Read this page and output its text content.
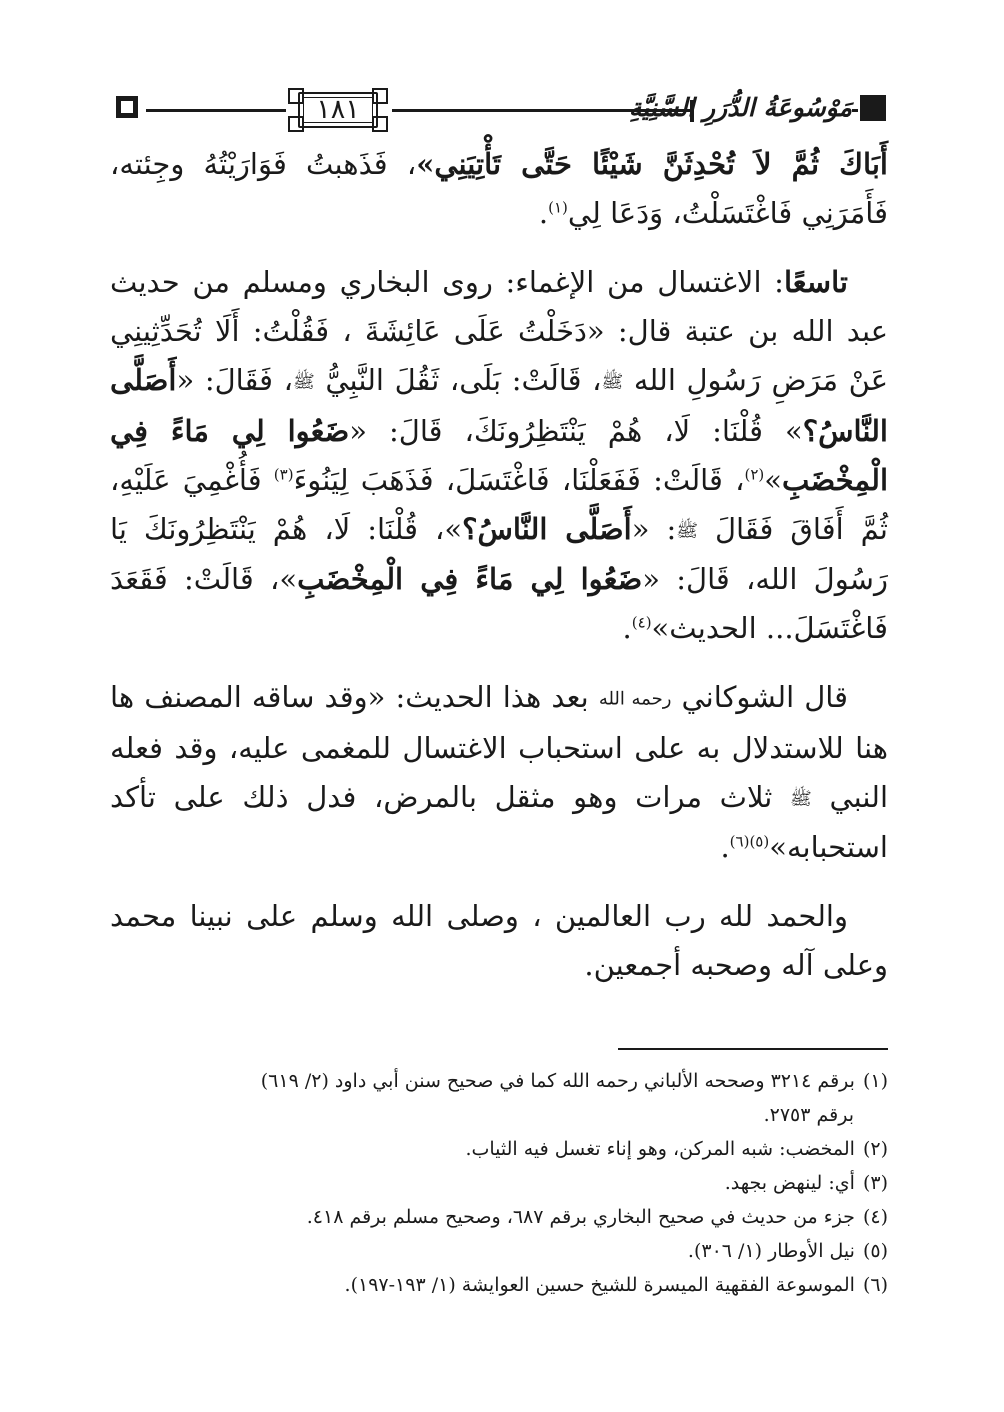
١٨١	مَوْسُوعَةُ الدُّرَرِ السَّنِيَّةِ

أَبَاكَ ثُمَّ لاَ تُحْدِثَنَّ شَيْئًا حَتَّى تَأْتِيَنِي»، فَذَهبتُ فَوَارَيْتُهُ وجِئته، فَأَمَرَنِي فَاغْتَسَلْتُ، وَدَعَا لِي$^{(١)}$.

تاسعًا: الاغتسال من الإغماء: روى البخاري ومسلم من حديث عبد الله بن عتبة قال: «دَخَلْتُ عَلَى عَائِشَةَ ، فَقُلْتُ: أَلَا تُحَدِّثِينِي عَنْ مَرَضِ رَسُولِ الله ﷺ، قَالَتْ: بَلَى، ثَقُلَ النَّبِيُّ ﷺ، فَقَالَ: «أَصَلَّى النَّاسُ؟» قُلْنَا: لَا، هُمْ يَنْتَظِرُونَكَ، قَالَ: «ضَعُوا لِي مَاءً فِي الْمِخْضَبِ»$^{(٢)}$، قَالَتْ: فَفَعَلْنَا، فَاغْتَسَلَ، فَذَهَبَ لِيَنُوءَ$^{(٣)}$ فَأُغْمِيَ عَلَيْهِ، ثُمَّ أَفَاقَ فَقَالَ ﷺ: «أَصَلَّى النَّاسُ؟»، قُلْنَا: لَا، هُمْ يَنْتَظِرُونَكَ يَا رَسُولَ الله، قَالَ: «ضَعُوا لِي مَاءً فِي الْمِخْضَبِ»، قَالَتْ: فَقَعَدَ فَاغْتَسَلَ... الحديث»$^{(٤)}$.

قال الشوكاني رحمه الله بعد هذا الحديث: «وقد ساقه المصنف ها هنا للاستدلال به على استحباب الاغتسال للمغمى عليه، وقد فعله النبي ﷺ ثلاث مرات وهو مثقل بالمرض، فدل ذلك على تأكد استحبابه»$^{(٥)(٦)}$.

والحمد لله رب العالمين ، وصلى الله وسلم على نبينا محمد وعلى آله وصحبه أجمعين.

(١)برقم ٣٢١٤ وصححه الألباني رحمه الله كما في صحيح سنن أبي داود (٢/ ٦١٩)
برقم ٢٧٥٣.
(٢)المخضب: شبه المركن، وهو إناء تغسل فيه الثياب.
(٣)أي: لينهض بجهد.
(٤)جزء من حديث في صحيح البخاري برقم ٦٨٧، وصحيح مسلم برقم ٤١٨.
(٥)نيل الأوطار (١/ ٣٠٦).
(٦)الموسوعة الفقهية الميسرة للشيخ حسين العوايشة (١/ ١٩٣-١٩٧).
